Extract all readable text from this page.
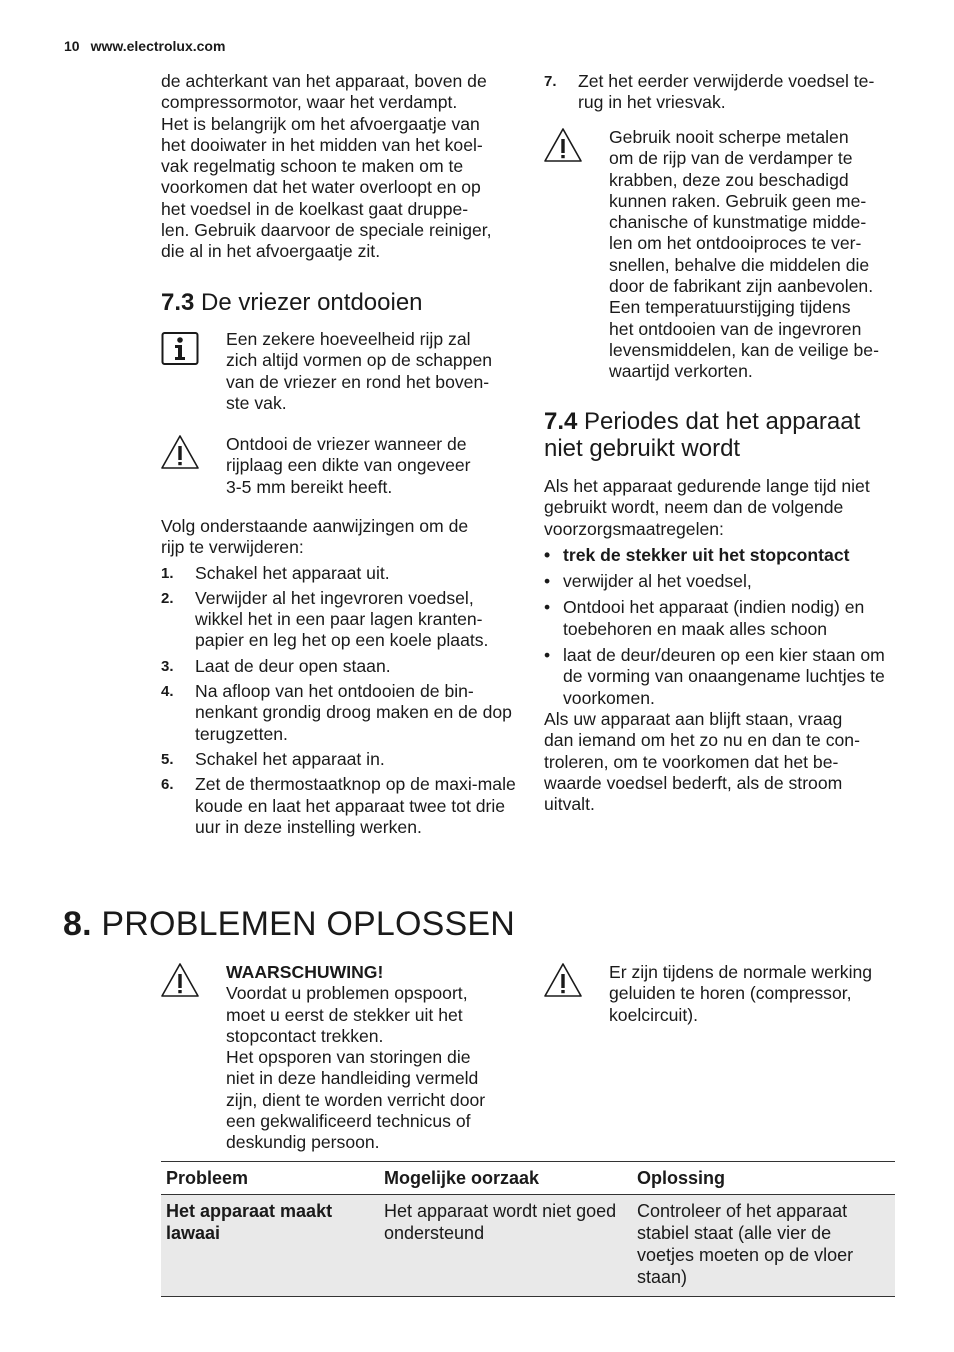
10 www.electrolux.com

de achterkant van het apparaat, boven de

compressormotor, waar het verdampt.

Het is belangrijk om het afvoergaatje van

het dooiwater in het midden van het koel-

vak regelmatig schoon te maken om te

voorkomen dat het water overloopt en op

het voedsel in de koelkast gaat druppe-

len. Gebruik daarvoor de speciale reiniger,

die al in het afvoergaatje zit.

7.3 De vriezer ontdooien

Een zekere hoeveelheid rijp zal

zich altijd vormen op de schappen

van de vriezer en rond het boven-

ste vak.

Ontdooi de vriezer wanneer de

rijplaag een dikte van ongeveer

3-5 mm bereikt heeft.

Volg onderstaande aanwijzingen om de

rijp te verwijderen:

1. Schakel het apparaat uit.
2. Verwijder al het ingevroren voedsel, wikkel het in een paar lagen kranten-papier en leg het op een koele plaats.
3. Laat de deur open staan.
4. Na afloop van het ontdooien de bin-nenkant grondig droog maken en de dop terugzetten.
5. Schakel het apparaat in.
6. Zet de thermostaatknop op de maxi-male koude en laat het apparaat twee tot drie uur in deze instelling werken.
7. Zet het eerder verwijderde voedsel te-rug in het vriesvak.

Gebruik nooit scherpe metalen

om de rijp van de verdamper te

krabben, deze zou beschadigd

kunnen raken. Gebruik geen me-

chanische of kunstmatige midde-

len om het ontdooiproces te ver-

snellen, behalve die middelen die

door de fabrikant zijn aanbevolen.

Een temperatuurstijging tijdens

het ontdooien van de ingevroren

levensmiddelen, kan de veilige be-

waartijd verkorten.

7.4 Periodes dat het apparaat
niet gebruikt wordt

Als het apparaat gedurende lange tijd niet

gebruikt wordt, neem dan de volgende

voorzorgsmaatregelen:

• trek de stekker uit het stopcontact
• verwijder al het voedsel,
• Ontdooi het apparaat (indien nodig) en toebehoren en maak alles schoon
• laat de deur/deuren op een kier staan om de vorming van onaangename luchtjes te voorkomen.

Als uw apparaat aan blijft staan, vraag

dan iemand om het zo nu en dan te con-

troleren, om te voorkomen dat het be-

waarde voedsel bederft, als de stroom

uitvalt.

8. PROBLEMEN OPLOSSEN

WAARSCHUWING!

Voordat u problemen opspoort,

moet u eerst de stekker uit het

stopcontact trekken.

Het opsporen van storingen die

niet in deze handleiding vermeld

zijn, dient te worden verricht door

een gekwalificeerd technicus of

deskundig persoon.

Er zijn tijdens de normale werking

geluiden te horen (compressor,

koelcircuit).

Probleem	Mogelijke oorzaak	Oplossing
Het apparaat maakt lawaai	Het apparaat wordt niet goed ondersteund	Controleer of het apparaat stabiel staat (alle vier de voetjes moeten op de vloer staan)
